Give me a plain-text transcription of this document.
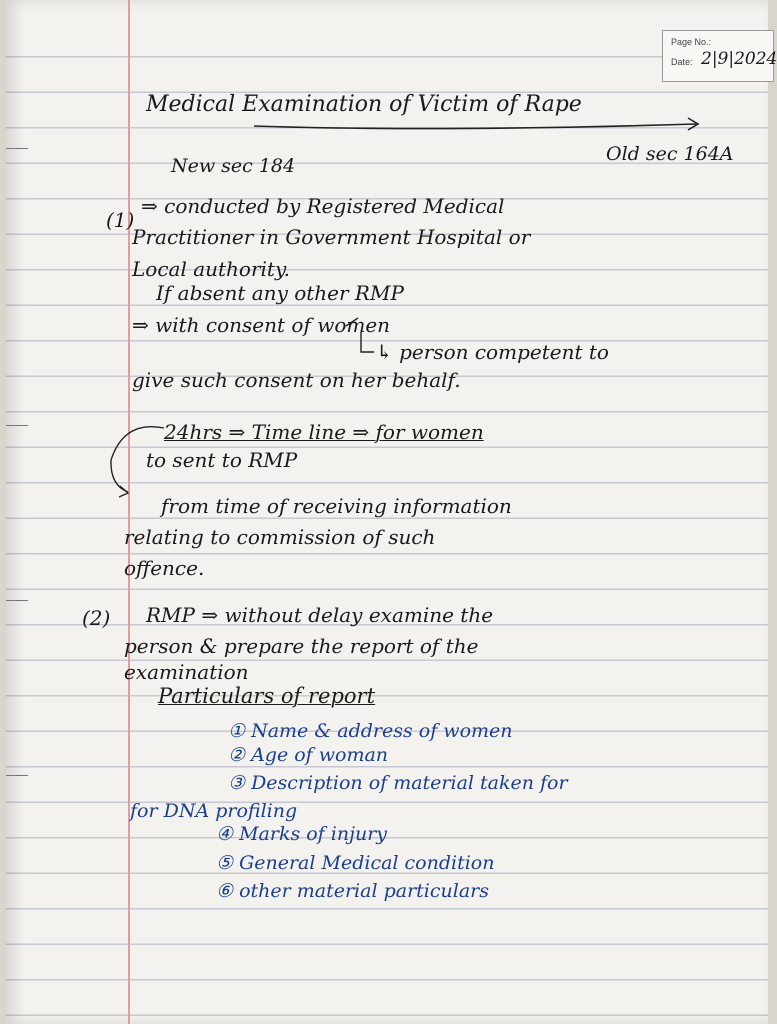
Page No.:
Date: 2|9|2024
Medical Examination of Victim of Rape
New sec 184
Old sec 164A
(1)
⇒ conducted by Registered Medical
Practitioner in Government Hospital or
Local authority.
If absent any other RMP
⇒ with consent of women
↳ person competent to
give such consent on her behalf.
24hrs ⇒ Time line ⇒ for women
to sent to RMP
from time of receiving information
relating to commission of such
offence.
(2) RMP ⇒ without delay examine the
person & prepare the report of the
examination
Particulars of report
① Name & address of women
② Age of woman
③ Description of material taken for
for DNA profiling
④ Marks of injury
⑤ General Medical condition
⑥ other material particulars
